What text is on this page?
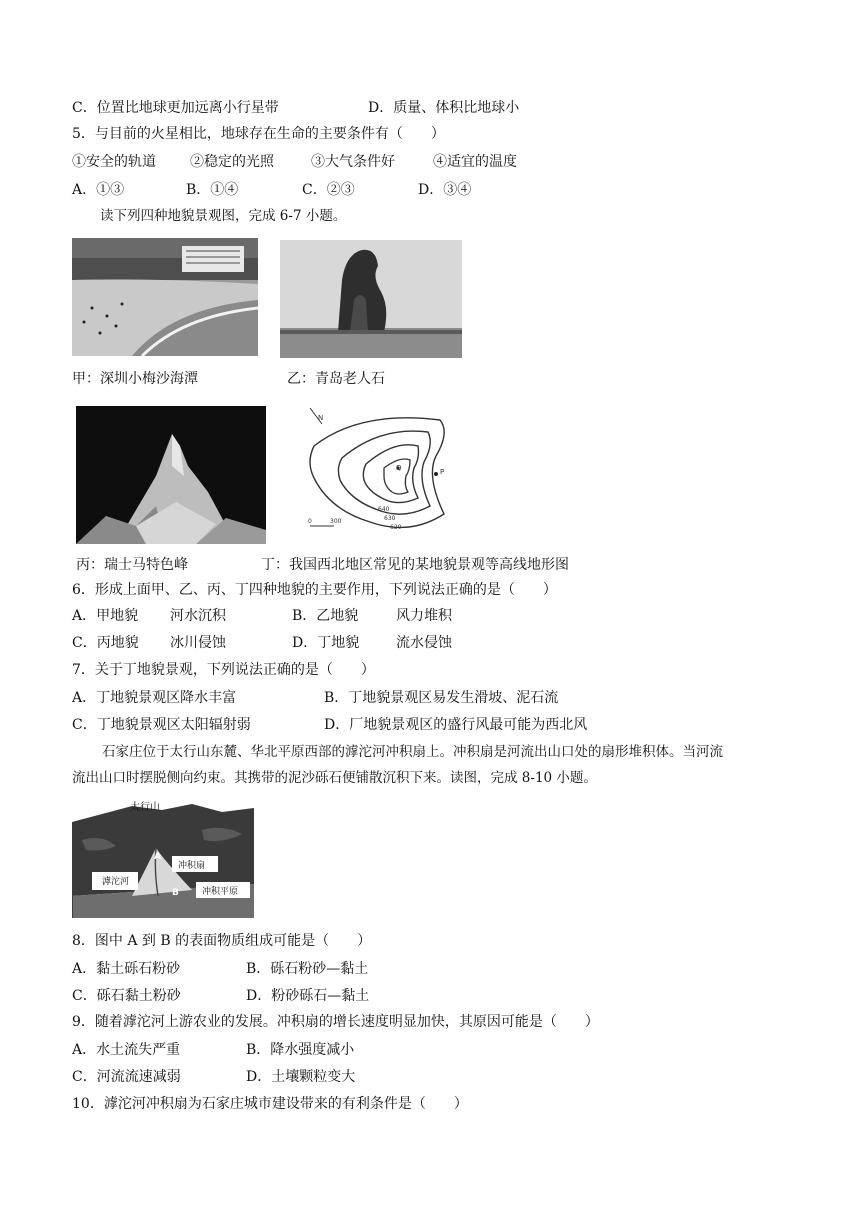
C．位置比地球更加远离小行星带	D．质量、体积比地球小
5．与目前的火星相比，地球存在生命的主要条件有（　　）
①安全的轨道 ②稳定的光照	③大气条件好	④适宜的温度
A．①③	B．①④	C．②③	D．③④
读下列四种地貌景观图，完成 6-7 小题。
甲：深圳小梅沙海潭	乙：青岛老人石
N
Q	P
0	300
640
630
620
丙：瑞士马特色峰	丁：我国西北地区常见的某地貌景观等高线地形图
6．形成上面甲、乙、丙、丁四种地貌的主要作用，下列说法正确的是（　　）
A．甲地貌 河水沉积	B．乙地貌	风力堆积
C．丙地貌 冰川侵蚀	D．丁地貌	流水侵蚀
7．关于丁地貌景观，下列说法正确的是（　　）
A．丁地貌景观区降水丰富	B．丁地貌景观区易发生滑坡、泥石流
C．丁地貌景观区太阳辐射弱	D．厂地貌景观区的盛行风最可能为西北风
石家庄位于太行山东麓、华北平原西部的滹沱河冲积扇上。冲积扇是河流出山口处的扇形堆积体。当河流
流出山口时摆脱侧向约束。其携带的泥沙砾石便铺散沉积下来。读图，完成 8-10 小题。
太行山
滹沱河
冲积扇
冲积平原
A
B
8．图中 A 到 B 的表面物质组成可能是（　　）
A．黏土砾石粉砂	B．砾石粉砂—黏土
C．砾石黏土粉砂	D．粉砂砾石—黏土
9．随着滹沱河上游农业的发展。冲积扇的增长速度明显加快，其原因可能是（　　）
A．水土流失严重	B．降水强度减小
C．河流流速减弱	D．土壤颗粒变大
10．滹沱河冲积扇为石家庄城市建设带来的有利条件是（　　）
